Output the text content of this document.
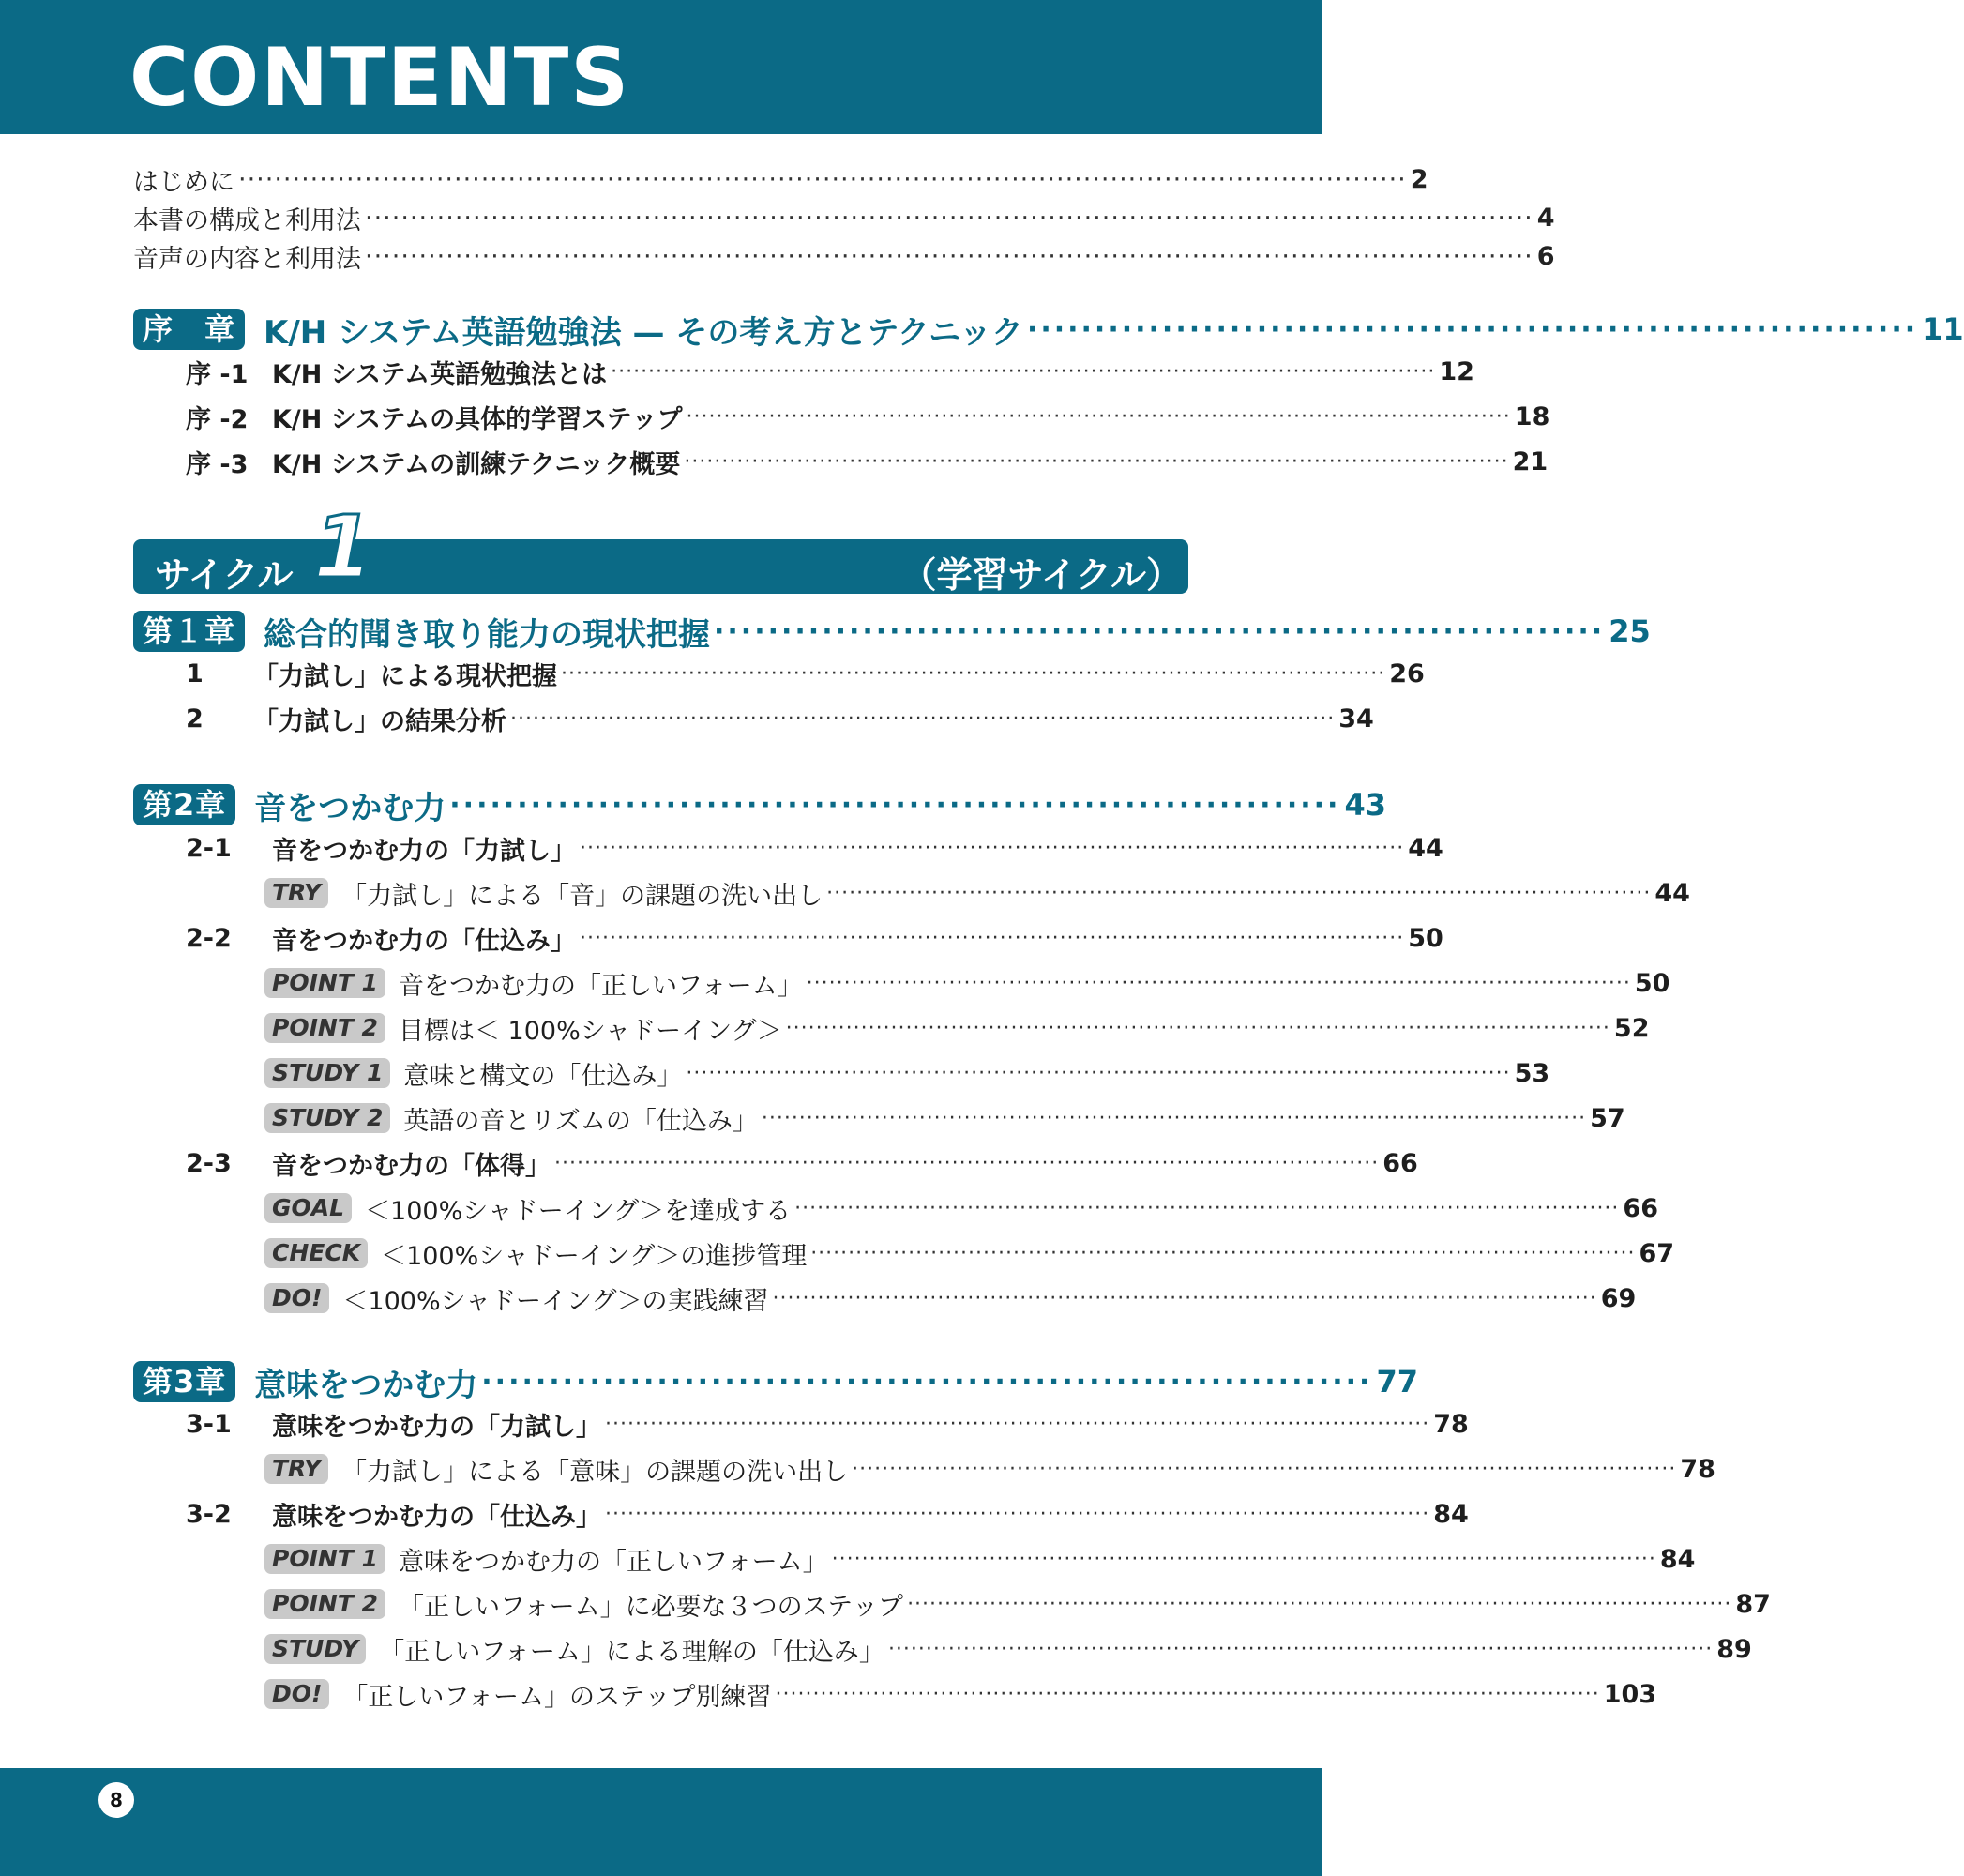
CONTENTS
はじめに ·································································································································· 2
本書の構成と利用法 ·································································································································· 4
音声の内容と利用法 ·································································································································· 6
序　章 K/H システム英語勉強法 — その考え方とテクニック ·································································· 11
序 -1 K/H システム英語勉強法とは ·············································································································· 12
序 -2 K/H システムの具体的学習ステップ ·············································································································· 18
序 -3 K/H システムの訓練テクニック概要 ·············································································································· 21
サイクル 1	（学習サイクル）
第１章 総合的聞き取り能力の現状把握 ·································································· 25
1	「力試し」による現状把握 ·············································································································· 26
2	「力試し」の結果分析 ·············································································································· 34
第2章 音をつかむ力 ·································································· 43
2-1	音をつかむ力の「力試し」 ·············································································································· 44
TRY 「力試し」による「音」の課題の洗い出し ·············································································································· 44
2-2	音をつかむ力の「仕込み」 ·············································································································· 50
POINT 1 音をつかむ力の「正しいフォーム」 ·············································································································· 50
POINT 2 目標は＜ 100%シャドーイング＞ ·············································································································· 52
STUDY 1 意味と構文の「仕込み」 ·············································································································· 53
STUDY 2 英語の音とリズムの「仕込み」 ·············································································································· 57
2-3	音をつかむ力の「体得」 ·············································································································· 66
GOAL ＜100%シャドーイング＞を達成する ·············································································································· 66
CHECK ＜100%シャドーイング＞の進捗管理 ·············································································································· 67
DO! ＜100%シャドーイング＞の実践練習 ·············································································································· 69
第3章 意味をつかむ力 ·································································· 77
3-1	意味をつかむ力の「力試し」 ·············································································································· 78
TRY 「力試し」による「意味」の課題の洗い出し ·············································································································· 78
3-2	意味をつかむ力の「仕込み」 ·············································································································· 84
POINT 1 意味をつかむ力の「正しいフォーム」 ·············································································································· 84
POINT 2 「正しいフォーム」に必要な３つのステップ ·············································································································· 87
STUDY 「正しいフォーム」による理解の「仕込み」 ·············································································································· 89
DO! 「正しいフォーム」のステップ別練習 ·············································································································· 103
8
